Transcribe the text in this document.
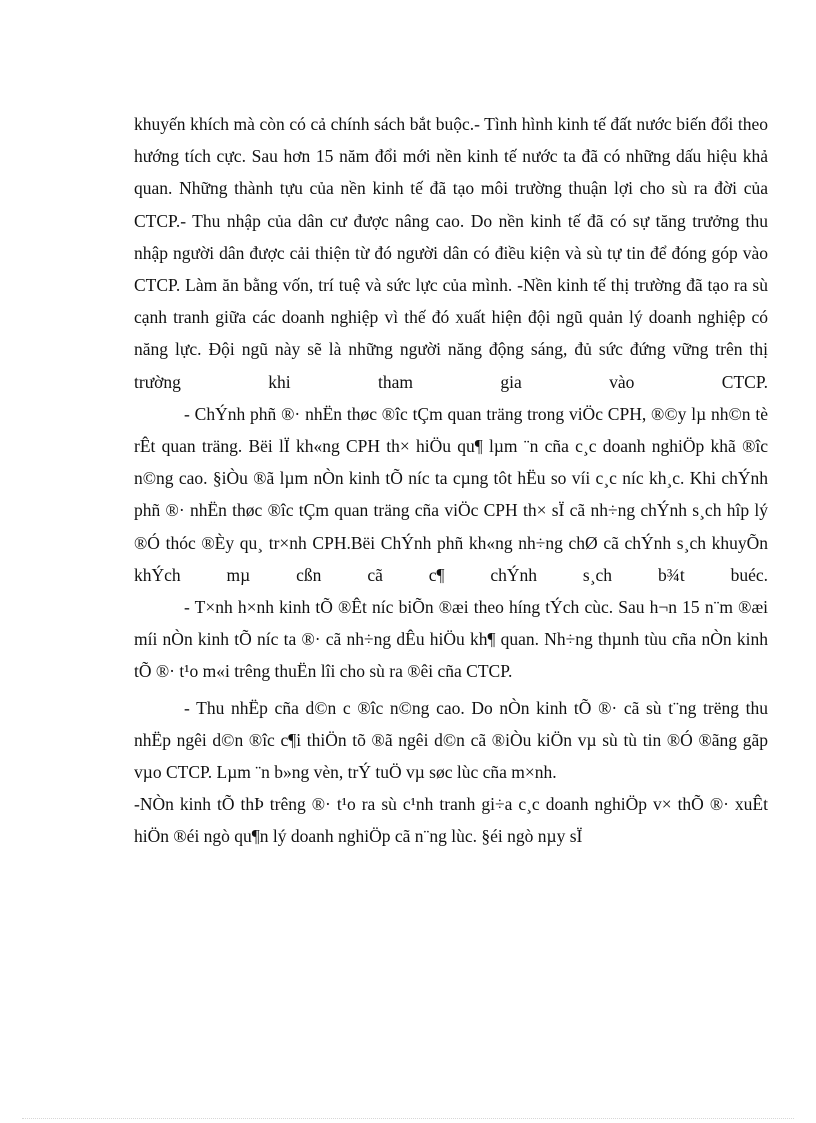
khuyến khích mà còn có cả chính sách bắt buộc.- Tình hình kinh tế đất nước biến đổi theo hướng tích cực. Sau hơn 15 năm đổi mới nền kinh tế nước ta đã có những dấu hiệu khả quan. Những thành tựu của nền kinh tế đã tạo môi trường thuận lợi cho sù ra đời của CTCP.- Thu nhập của dân cư được nâng cao. Do nền kinh tế đã có sự tăng trưởng thu nhập người dân được cải thiện từ đó người dân có điều kiện và sù tự tin để đóng góp vào CTCP. Làm ăn bằng vốn, trí tuệ và sức lực của mình. -Nền kinh tế thị trường đã tạo ra sù cạnh tranh giữa các doanh nghiệp vì thế đó xuất hiện đội ngũ quản lý doanh nghiệp có năng lực. Đội ngũ này sẽ là những người năng động sáng, đủ sức đứng vững trên thị trường khi tham gia vào CTCP.

- ChÝnh phñ ®· nhËn thøc ®îc tÇm quan träng trong viÖc CPH, ®©y lµ nh©n tè rÊt quan träng. Bëi lÏ kh«ng CPH th× hiÖu qu¶ lµm ¨n cña c¸c doanh nghiÖp khã ®îc n©ng cao. §iÒu ®ã lµm nÒn kinh tÕ níc ta cµng tôt hËu so víi c¸c níc kh¸c. Khi chÝnh phñ ®· nhËn thøc ®îc tÇm quan träng cña viÖc CPH th× sÏ cã nh÷ng chÝnh s¸ch hîp lý ®Ó thóc ®Èy qu¸ tr×nh CPH.Bëi ChÝnh phñ kh«ng nh÷ng chØ cã chÝnh s¸ch khuyÕn khÝch mµ cßn cã c¶ chÝnh s¸ch b¾t buéc.

- T×nh h×nh kinh tÕ ®Êt níc biÕn ®æi theo híng tÝch cùc. Sau h¬n 15 n¨m ®æi míi nÒn kinh tÕ níc ta ®· cã nh÷ng dÊu hiÖu kh¶ quan. Nh÷ng thµnh tùu cña nÒn kinh tÕ ®· t¹o m«i trêng thuËn lîi cho sù ra ®êi cña CTCP.

- Thu nhËp cña d©n c ®îc n©ng cao. Do nÒn kinh tÕ ®· cã sù t¨ng trëng thu nhËp ngêi d©n ®îc c¶i thiÖn tõ ®ã ngêi d©n cã ®iÒu kiÖn vµ sù tù tin ®Ó ®ãng gãp vµo CTCP. Lµm ¨n b»ng vèn, trÝ tuÖ vµ søc lùc cña m×nh.

-NÒn kinh tÕ thÞ trêng ®· t¹o ra sù c¹nh tranh gi÷a c¸c doanh nghiÖp v× thÕ ®· xuÊt hiÖn ®éi ngò qu¶n lý doanh nghiÖp cã n¨ng lùc. §éi ngò nµy sÏ
